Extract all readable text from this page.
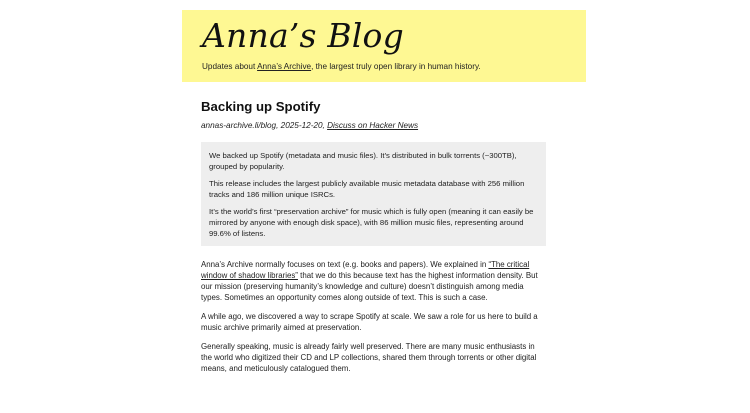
Anna’s Blog
Updates about Anna’s Archive, the largest truly open library in human history.
Backing up Spotify
annas-archive.li/blog, 2025-12-20, Discuss on Hacker News

We backed up Spotify (metadata and music files). It’s distributed in bulk torrents (~300TB), grouped by popularity.

This release includes the largest publicly available music metadata database with 256 million tracks and 186 million unique ISRCs.

It’s the world’s first “preservation archive” for music which is fully open (meaning it can easily be mirrored by anyone with enough disk space), with 86 million music files, representing around 99.6% of listens.

Anna’s Archive normally focuses on text (e.g. books and papers). We explained in “The critical window of shadow libraries” that we do this because text has the highest information density. But our mission (preserving humanity’s knowledge and culture) doesn’t distinguish among media types. Sometimes an opportunity comes along outside of text. This is such a case.

A while ago, we discovered a way to scrape Spotify at scale. We saw a role for us here to build a music archive primarily aimed at preservation.

Generally speaking, music is already fairly well preserved. There are many music enthusiasts in the world who digitized their CD and LP collections, shared them through torrents or other digital means, and meticulously catalogued them.
